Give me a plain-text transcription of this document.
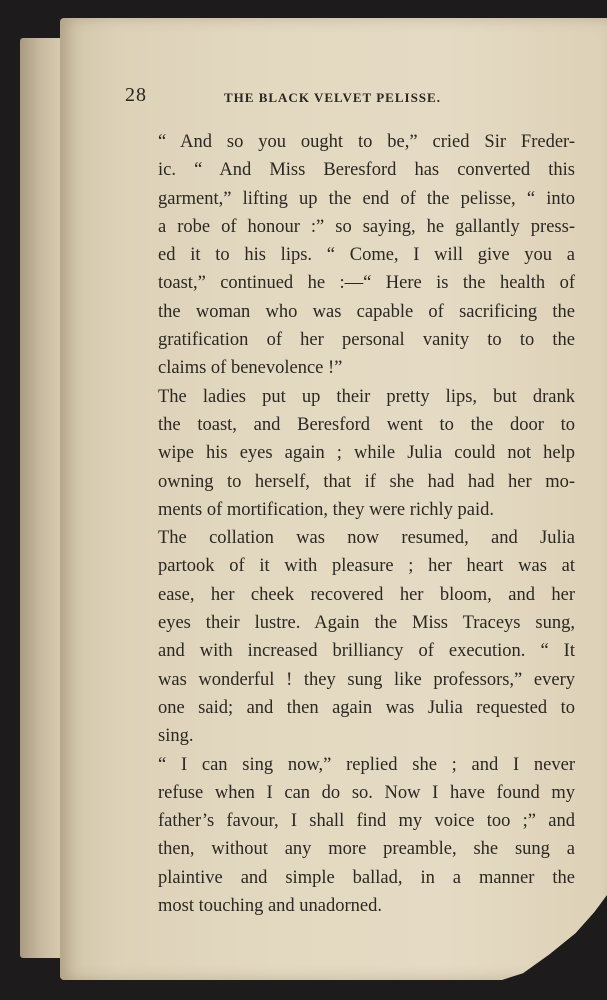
28	THE BLACK VELVET PELISSE.

“ And so you ought to be,” cried Sir Freder-
ic. “ And Miss Beresford has converted this
garment,” lifting up the end of the pelisse, “ into
a robe of honour :” so saying, he gallantly press-
ed it to his lips. “ Come, I will give you a
toast,” continued he :—“ Here is the health of
the woman who was capable of sacrificing the
gratification of her personal vanity to to the
claims of benevolence !”

The ladies put up their pretty lips, but drank
the toast, and Beresford went to the door to
wipe his eyes again ; while Julia could not help
owning to herself, that if she had had her mo-
ments of mortification, they were richly paid.

The collation was now resumed, and Julia
partook of it with pleasure ; her heart was at
ease, her cheek recovered her bloom, and her
eyes their lustre. Again the Miss Traceys sung,
and with increased brilliancy of execution. “ It
was wonderful ! they sung like professors,” every
one said; and then again was Julia requested to
sing.

“ I can sing now,” replied she ; and I never
refuse when I can do so. Now I have found my
father’s favour, I shall find my voice too ;” and
then, without any more preamble, she sung a
plaintive and simple ballad, in a manner the
most touching and unadorned.
